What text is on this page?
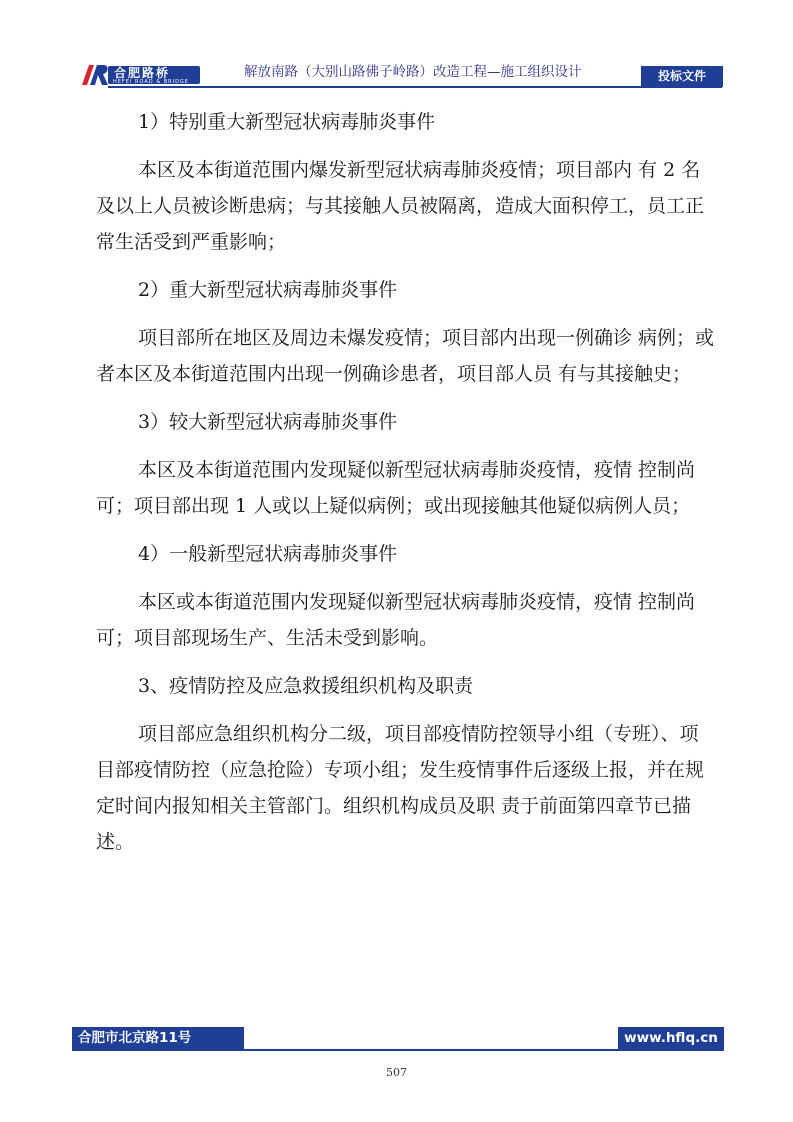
合肥路桥
HEFEI ROAD & BRIDGE
解放南路（大别山路佛子岭路）改造工程—施工组织设计	投标文件

1）特别重大新型冠状病毒肺炎事件

本区及本街道范围内爆发新型冠状病毒肺炎疫情；项目部内 有 2 名及以上人员被诊断患病；与其接触人员被隔离，造成大面积停工，员工正常生活受到严重影响；

2）重大新型冠状病毒肺炎事件

项目部所在地区及周边未爆发疫情；项目部内出现一例确诊 病例；或者本区及本街道范围内出现一例确诊患者，项目部人员 有与其接触史；

3）较大新型冠状病毒肺炎事件

本区及本街道范围内发现疑似新型冠状病毒肺炎疫情，疫情 控制尚可；项目部出现 1 人或以上疑似病例；或出现接触其他疑似病例人员；

4）一般新型冠状病毒肺炎事件

本区或本街道范围内发现疑似新型冠状病毒肺炎疫情，疫情 控制尚可；项目部现场生产、生活未受到影响。

3、疫情防控及应急救援组织机构及职责

项目部应急组织机构分二级，项目部疫情防控领导小组（专班）、项目部疫情防控（应急抢险）专项小组；发生疫情事件后逐级上报，并在规定时间内报知相关主管部门。组织机构成员及职 责于前面第四章节已描述。

合肥市北京路11号	www.hflq.cn
507
